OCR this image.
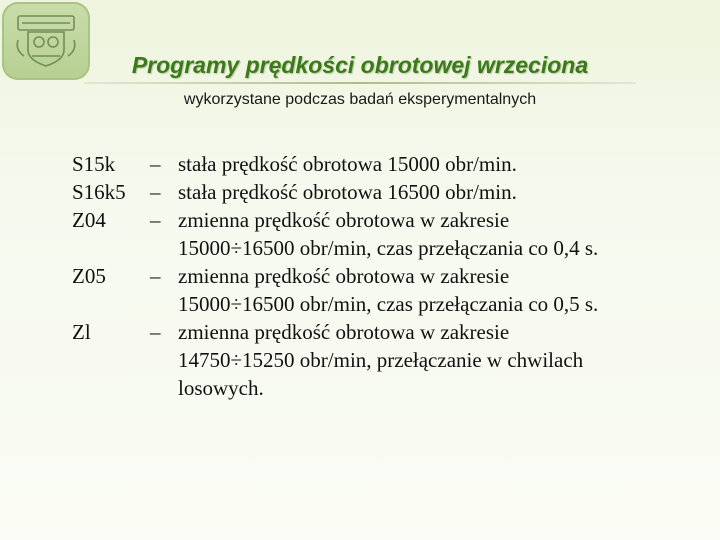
Programy prędkości obrotowej wrzeciona
wykorzystane podczas badań eksperymentalnych
S15k	– stała prędkość obrotowa 15000 obr/min.
S16k5	– stała prędkość obrotowa 16500 obr/min.
Z04	– zmienna prędkość obrotowa w zakresie
15000÷16500 obr/min, czas przełączania co 0,4 s.
Z05	– zmienna prędkość obrotowa w zakresie
15000÷16500 obr/min, czas przełączania co 0,5 s.
Zl	– zmienna prędkość obrotowa w zakresie
14750÷15250 obr/min, przełączanie w chwilach
losowych.
